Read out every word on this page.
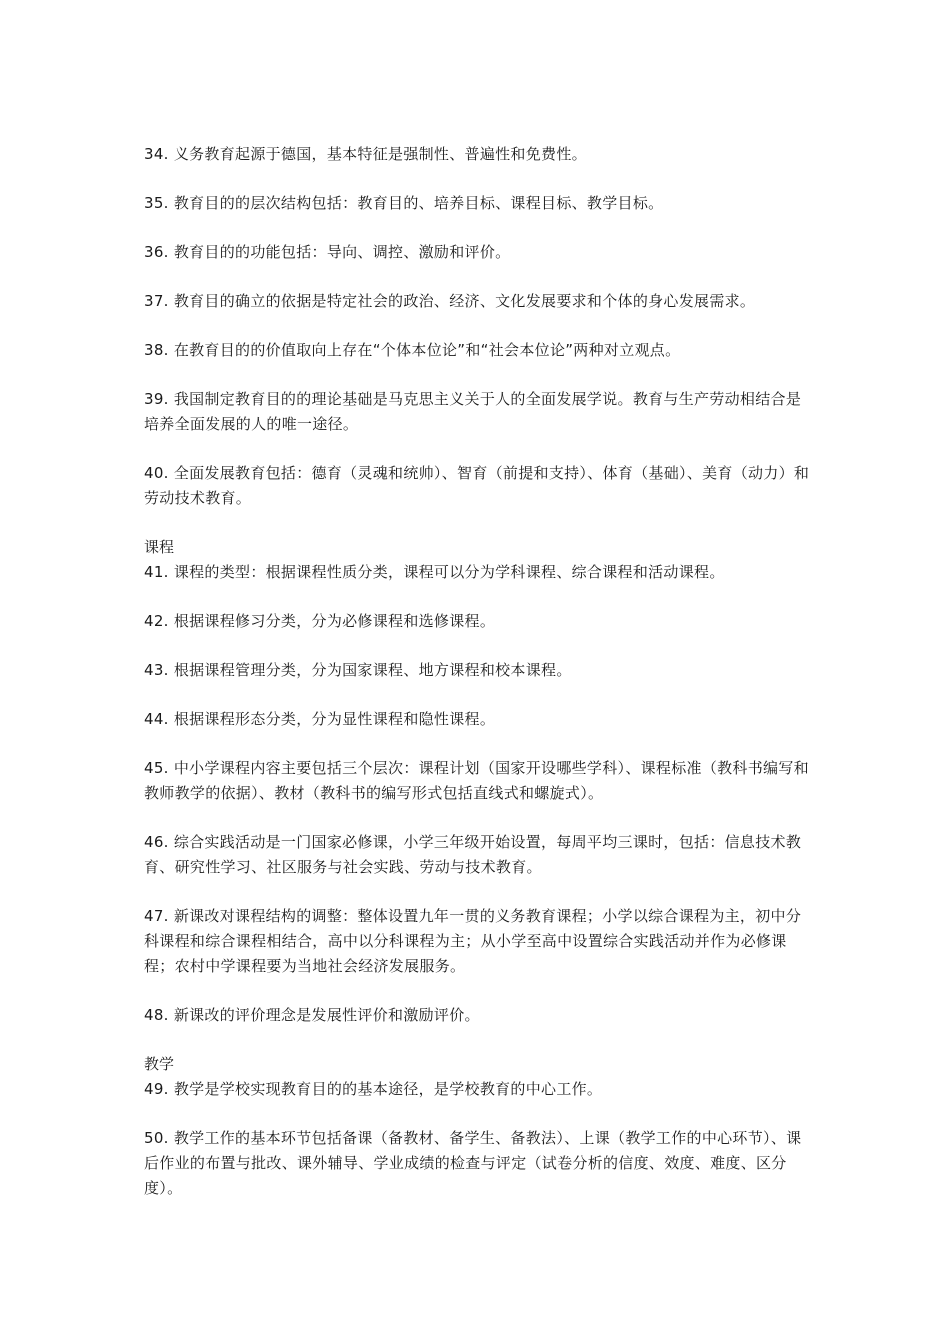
34. 义务教育起源于德国，基本特征是强制性、普遍性和免费性。

35. 教育目的的层次结构包括：教育目的、培养目标、课程目标、教学目标。

36. 教育目的的功能包括：导向、调控、激励和评价。

37. 教育目的确立的依据是特定社会的政治、经济、文化发展要求和个体的身心发展需求。

38. 在教育目的的价值取向上存在“个体本位论”和“社会本位论”两种对立观点。

39. 我国制定教育目的的理论基础是马克思主义关于人的全面发展学说。教育与生产劳动相结合是培养全面发展的人的唯一途径。

40. 全面发展教育包括：德育（灵魂和统帅）、智育（前提和支持）、体育（基础）、美育（动力）和劳动技术教育。

课程

41. 课程的类型：根据课程性质分类，课程可以分为学科课程、综合课程和活动课程。

42. 根据课程修习分类，分为必修课程和选修课程。

43. 根据课程管理分类，分为国家课程、地方课程和校本课程。

44. 根据课程形态分类，分为显性课程和隐性课程。

45. 中小学课程内容主要包括三个层次：课程计划（国家开设哪些学科）、课程标准（教科书编写和教师教学的依据）、教材（教科书的编写形式包括直线式和螺旋式）。

46. 综合实践活动是一门国家必修课，小学三年级开始设置，每周平均三课时，包括：信息技术教育、研究性学习、社区服务与社会实践、劳动与技术教育。

47. 新课改对课程结构的调整：整体设置九年一贯的义务教育课程；小学以综合课程为主，初中分科课程和综合课程相结合，高中以分科课程为主；从小学至高中设置综合实践活动并作为必修课程；农村中学课程要为当地社会经济发展服务。

48. 新课改的评价理念是发展性评价和激励评价。

教学

49. 教学是学校实现教育目的的基本途径，是学校教育的中心工作。

50. 教学工作的基本环节包括备课（备教材、备学生、备教法）、上课（教学工作的中心环节）、课后作业的布置与批改、课外辅导、学业成绩的检查与评定（试卷分析的信度、效度、难度、区分度）。
